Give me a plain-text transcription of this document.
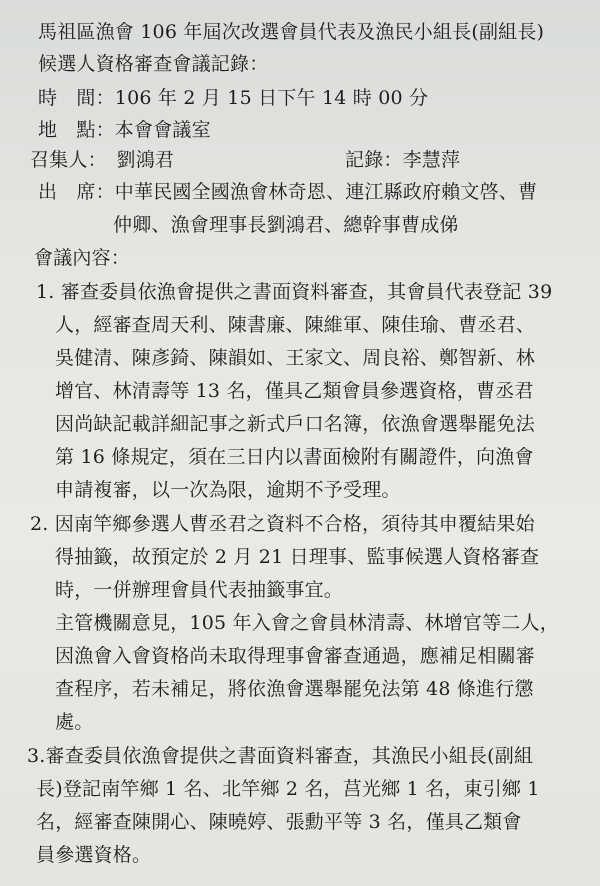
馬祖區漁會 106 年屆次改選會員代表及漁民小組長(副組長)
候選人資格審查會議記錄：
時　間：106 年 2 月 15 日下午 14 時 00 分
地　點：本會會議室
召集人：　劉鴻君	記錄：李慧萍
出　席：中華民國全國漁會林奇恩、連江縣政府賴文啓、曹
仲卿、漁會理事長劉鴻君、總幹事曹成俤
會議內容：
1. 審查委員依漁會提供之書面資料審查，其會員代表登記 39
人，經審查周天利、陳書廉、陳維軍、陳佳瑜、曹丞君、
吳健清、陳彥錡、陳韻如、王家文、周良裕、鄭智新、林
增官、林清壽等 13 名，僅具乙類會員參選資格，曹丞君
因尚缺記載詳細記事之新式戶口名簿，依漁會選舉罷免法
第 16 條規定，須在三日内以書面檢附有關證件，向漁會
申請複審，以一次為限，逾期不予受理。
2. 因南竿鄉參選人曹丞君之資料不合格，須待其申覆結果始
得抽籤，故預定於 2 月 21 日理事、監事候選人資格審查
時，一併辦理會員代表抽籤事宜。
主管機關意見，105 年入會之會員林清壽、林增官等二人，
因漁會入會資格尚未取得理事會審查通過，應補足相關審
查程序，若未補足，將依漁會選舉罷免法第 48 條進行懲
處。
3.審查委員依漁會提供之書面資料審查，其漁民小組長(副組
長)登記南竿鄉 1 名、北竿鄉 2 名，莒光鄉 1 名，東引鄉 1
名，經審查陳開心、陳曉婷、張勳平等 3 名，僅具乙類會
員參選資格。
